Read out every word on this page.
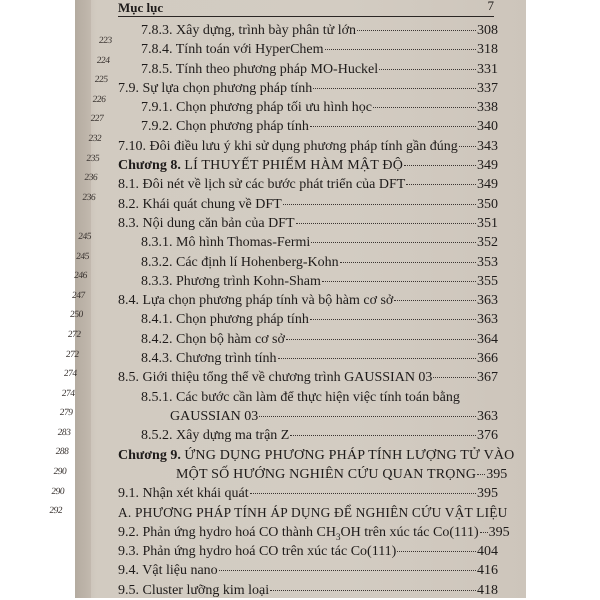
223
224
225
226
227
232
235
236
236
245
245
246
247
250
272
272
274
274
279
283
288
290
290
292
Mục lục	7
7.8.3. Xây dựng, trình bày phân tử lớn	308
7.8.4. Tính toán với HyperChem	318
7.8.5. Tính theo phương pháp MO-Huckel	331
7.9. Sự lựa chọn phương pháp tính	337
7.9.1. Chọn phương pháp tối ưu hình học	338
7.9.2. Chọn phương pháp tính	340
7.10. Đôi điều lưu ý khi sử dụng phương pháp tính gần đúng 343
Chương 8. LÍ THUYẾT PHIẾM HÀM MẬT ĐỘ	349
8.1. Đôi nét về lịch sử các bước phát triển của DFT	349
8.2. Khái quát chung về DFT	350
8.3. Nội dung căn bản của DFT	351
8.3.1. Mô hình Thomas-Fermi	352
8.3.2. Các định lí Hohenberg-Kohn	353
8.3.3. Phương trình Kohn-Sham	355
8.4. Lựa chọn phương pháp tính và bộ hàm cơ sở	363
8.4.1. Chọn phương pháp tính	363
8.4.2. Chọn bộ hàm cơ sở	364
8.4.3. Chương trình tính	366
8.5. Giới thiệu tổng thể về chương trình GAUSSIAN 03	367
8.5.1. Các bước cần làm để thực hiện việc tính toán bằng
GAUSSIAN 03	363
8.5.2. Xây dựng ma trận Z	376
Chương 9. ỨNG DỤNG PHƯƠNG PHÁP TÍNH LƯỢNG TỬ VÀO
MỘT SỐ HƯỚNG NGHIÊN CỨU QUAN TRỌNG 395
9.1. Nhận xét khái quát	395
A. PHƯƠNG PHÁP TÍNH ÁP DỤNG ĐỂ NGHIÊN CỨU VẬT LIỆU
9.2. Phản ứng hydro hoá CO thành $CH_3OH$ trên xúc tác Co(111) 395
9.3. Phản ứng hydro hoá CO trên xúc tác Co(111)	404
9.4. Vật liệu nano	416
9.5. Cluster lưỡng kim loại	418
